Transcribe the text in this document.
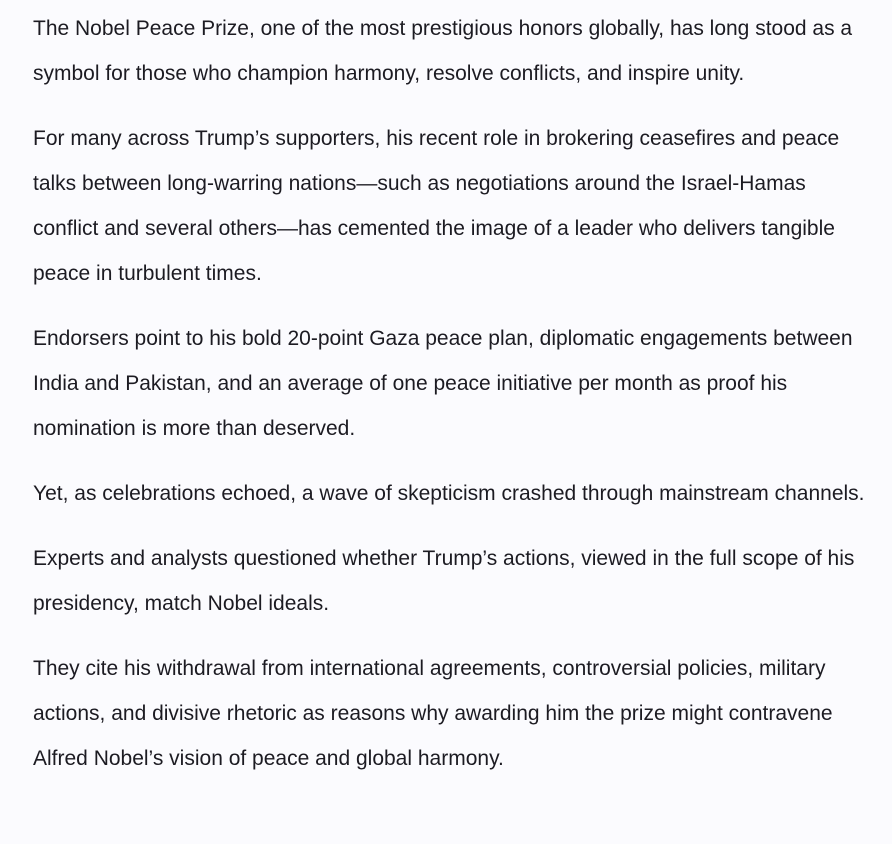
The Nobel Peace Prize, one of the most prestigious honors globally, has long stood as a symbol for those who champion harmony, resolve conflicts, and inspire unity.

For many across Trump’s supporters, his recent role in brokering ceasefires and peace talks between long-warring nations—such as negotiations around the Israel-Hamas conflict and several others—has cemented the image of a leader who delivers tangible peace in turbulent times.

Endorsers point to his bold 20-point Gaza peace plan, diplomatic engagements between India and Pakistan, and an average of one peace initiative per month as proof his nomination is more than deserved.

Yet, as celebrations echoed, a wave of skepticism crashed through mainstream channels.

Experts and analysts questioned whether Trump’s actions, viewed in the full scope of his presidency, match Nobel ideals.

They cite his withdrawal from international agreements, controversial policies, military actions, and divisive rhetoric as reasons why awarding him the prize might contravene Alfred Nobel’s vision of peace and global harmony.
